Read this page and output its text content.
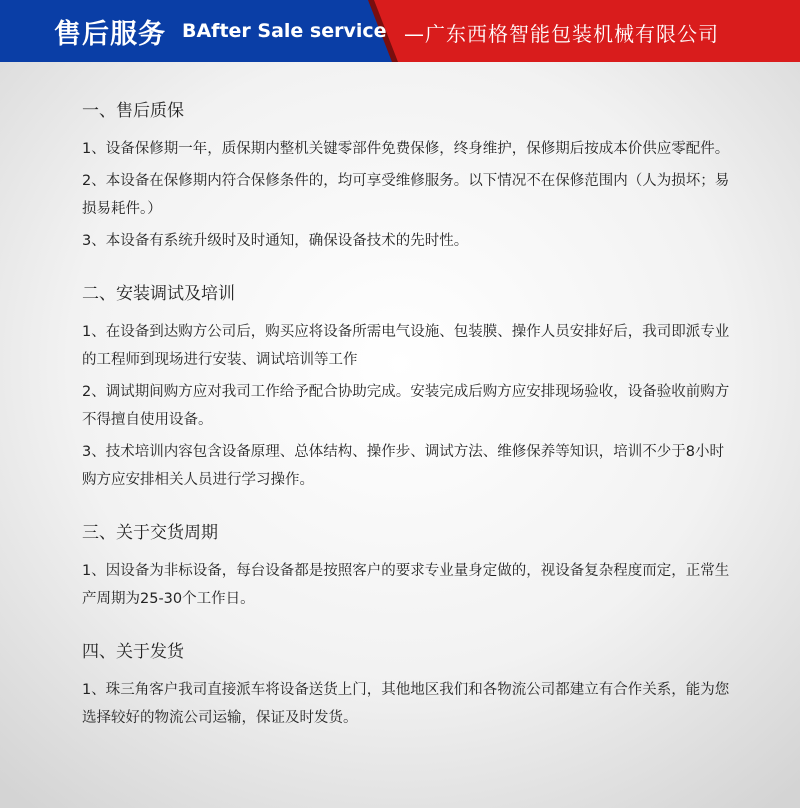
售后服务 BAfter Sale service —广东西格智能包装机械有限公司
一、售后质保

1、设备保修期一年，质保期内整机关键零部件免费保修，终身维护，保修期后按成本价供应零配件。

2、本设备在保修期内符合保修条件的，均可享受维修服务。以下情况不在保修范围内（人为损坏；易损易耗件。）

3、本设备有系统升级时及时通知，确保设备技术的先时性。

二、安装调试及培训

1、在设备到达购方公司后，购买应将设备所需电气设施、包装膜、操作人员安排好后，我司即派专业的工程师到现场进行安装、调试培训等工作

2、调试期间购方应对我司工作给予配合协助完成。安装完成后购方应安排现场验收，设备验收前购方不得擅自使用设备。

3、技术培训内容包含设备原理、总体结构、操作步、调试方法、维修保养等知识，培训不少于8小时购方应安排相关人员进行学习操作。

三、关于交货周期

1、因设备为非标设备，每台设备都是按照客户的要求专业量身定做的，视设备复杂程度而定，正常生产周期为25-30个工作日。

四、关于发货

1、珠三角客户我司直接派车将设备送货上门，其他地区我们和各物流公司都建立有合作关系，能为您选择较好的物流公司运输，保证及时发货。
